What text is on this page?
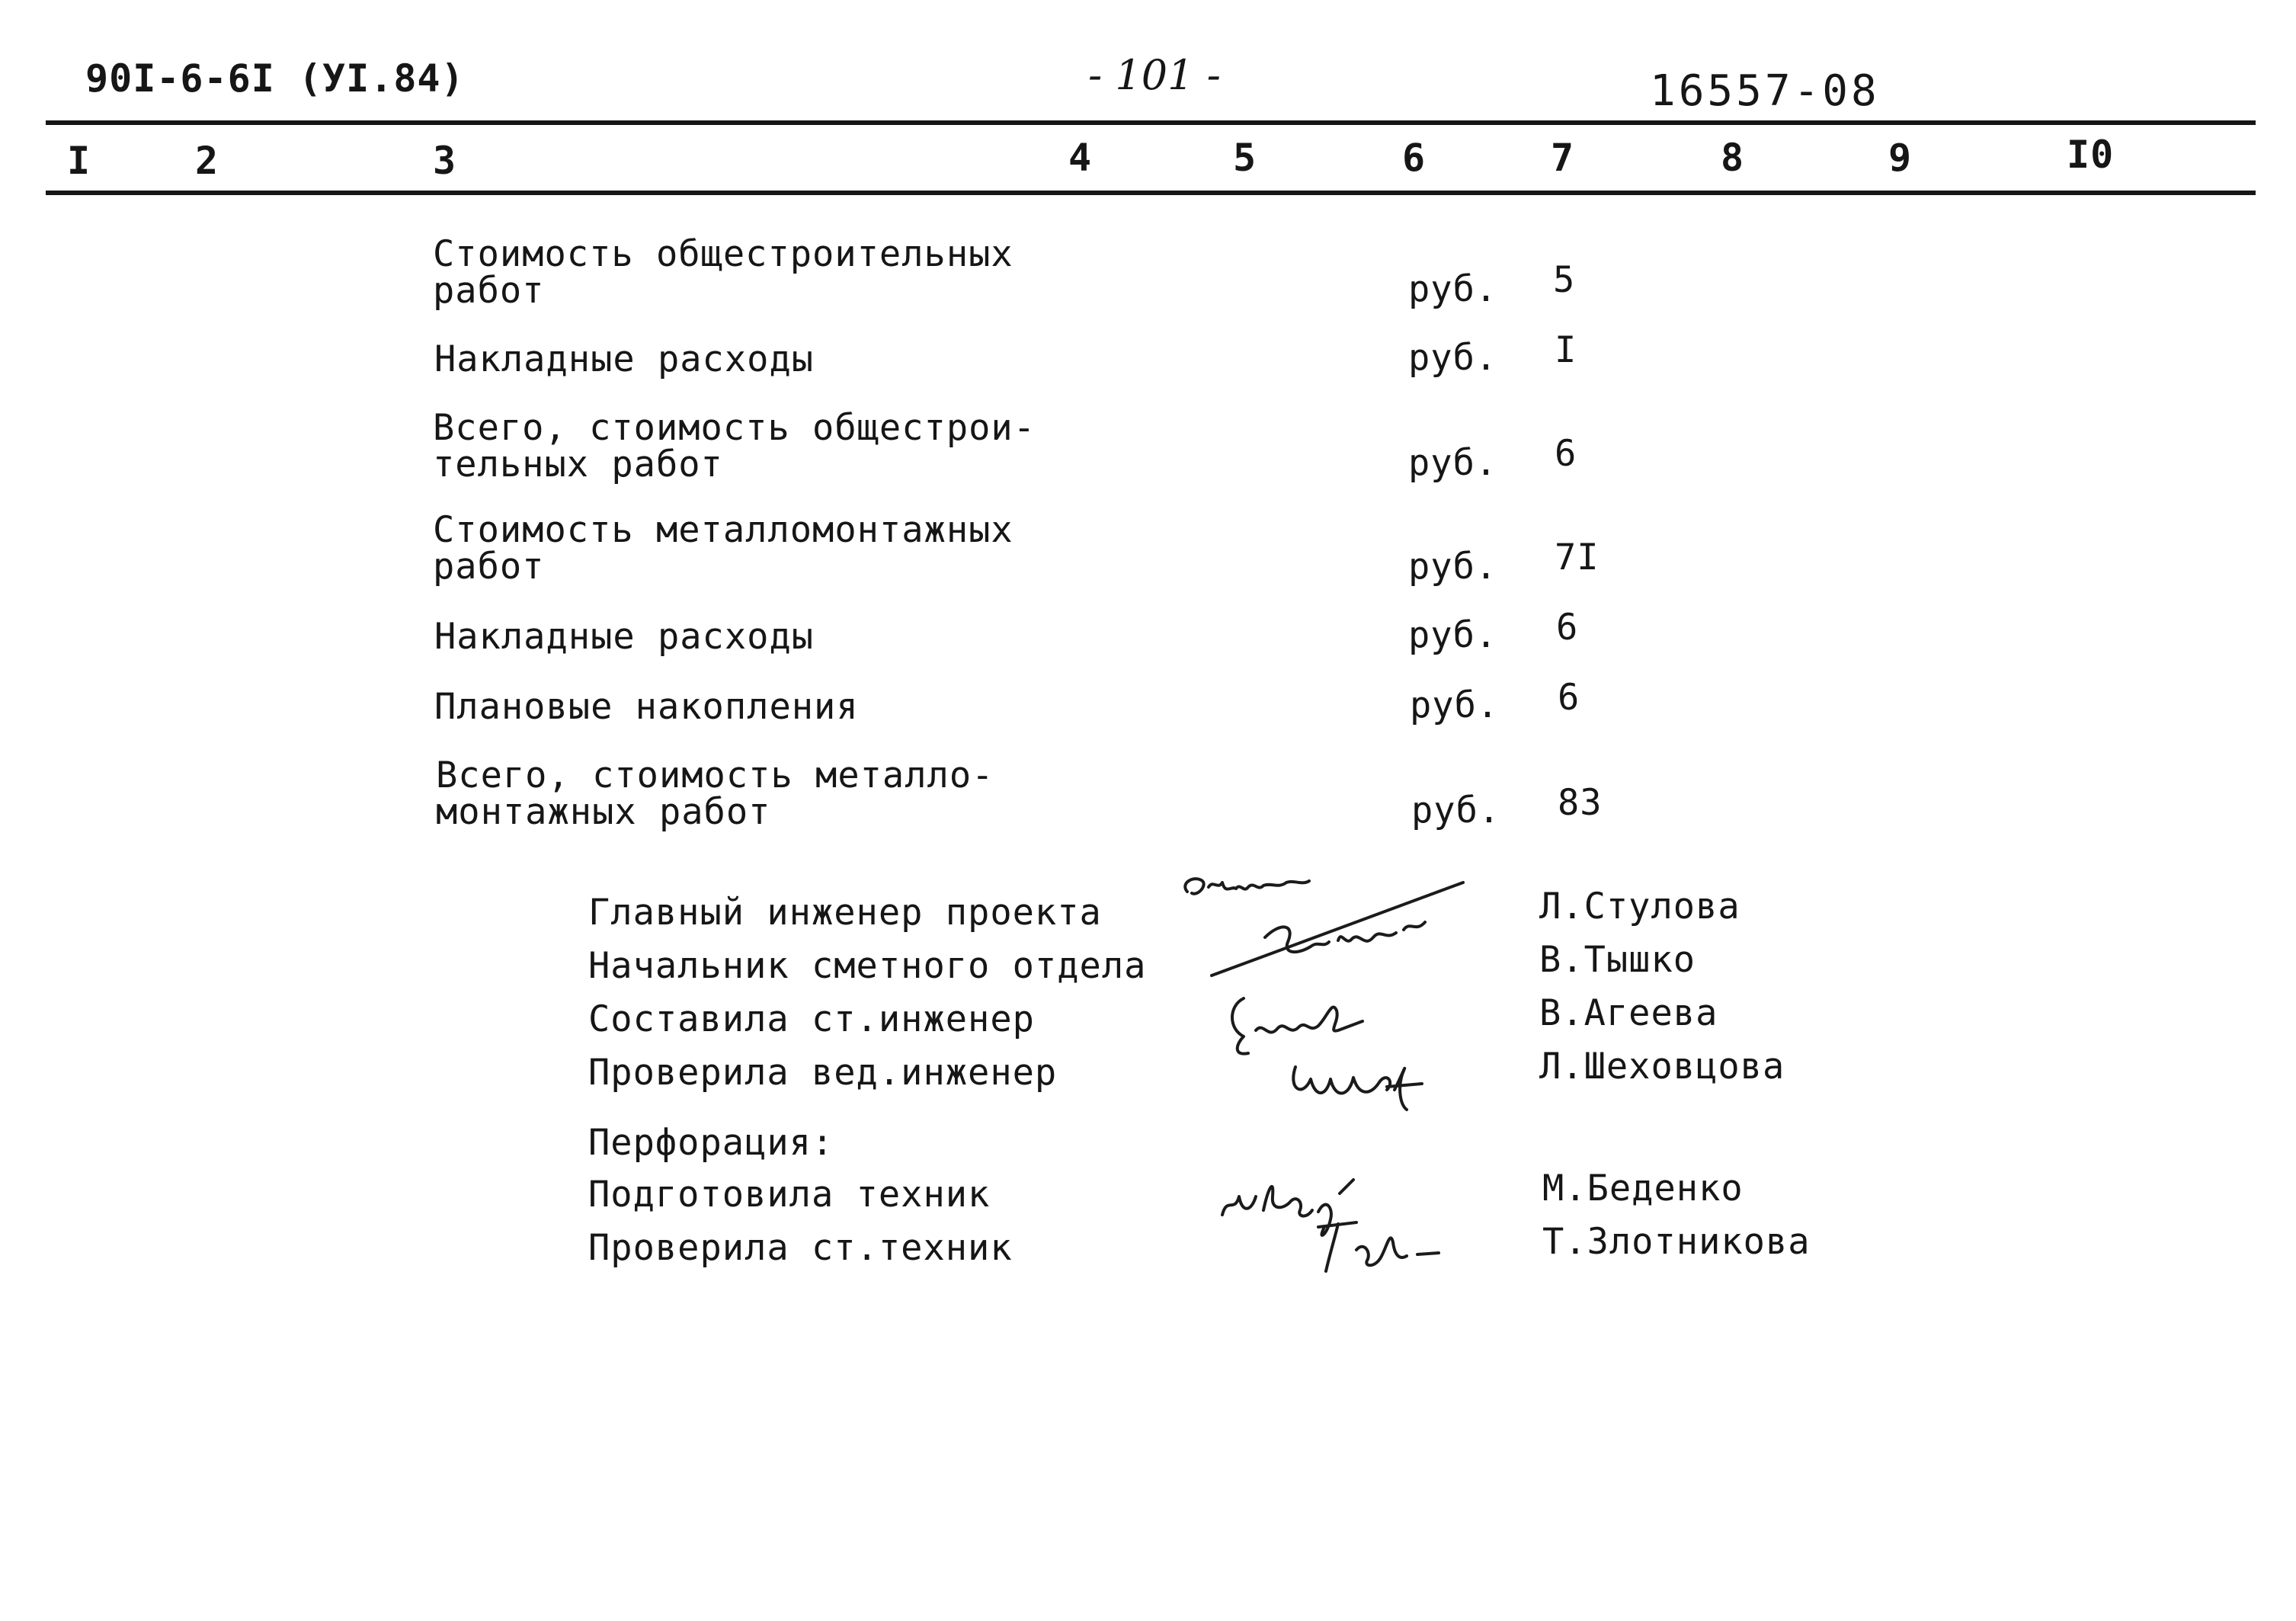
90I-6-6I (УI.84)	- 101 -	16557-08
I	2	3	4	5	6	7	8	9	I0
Стоимость общестроительных
работ	руб. 5
Накладные расходы	руб. I
Всего, стоимость общестрои-
тельных работ	руб. 6
Стоимость металломонтажных
работ	руб. 7I
Накладные расходы	руб. 6
Плановые накопления	руб. 6
Всего, стоимость металло-
монтажных работ	руб. 83
Главный инженер проекта	Л.Стулова
Начальник сметного отдела	В.Тышко
Составила ст.инженер	В.Агеева
Проверила вед.инженер	Л.Шеховцова
Перфорация:
Подготовила техник	М.Беденко
Проверила ст.техник	Т.Злотникова
